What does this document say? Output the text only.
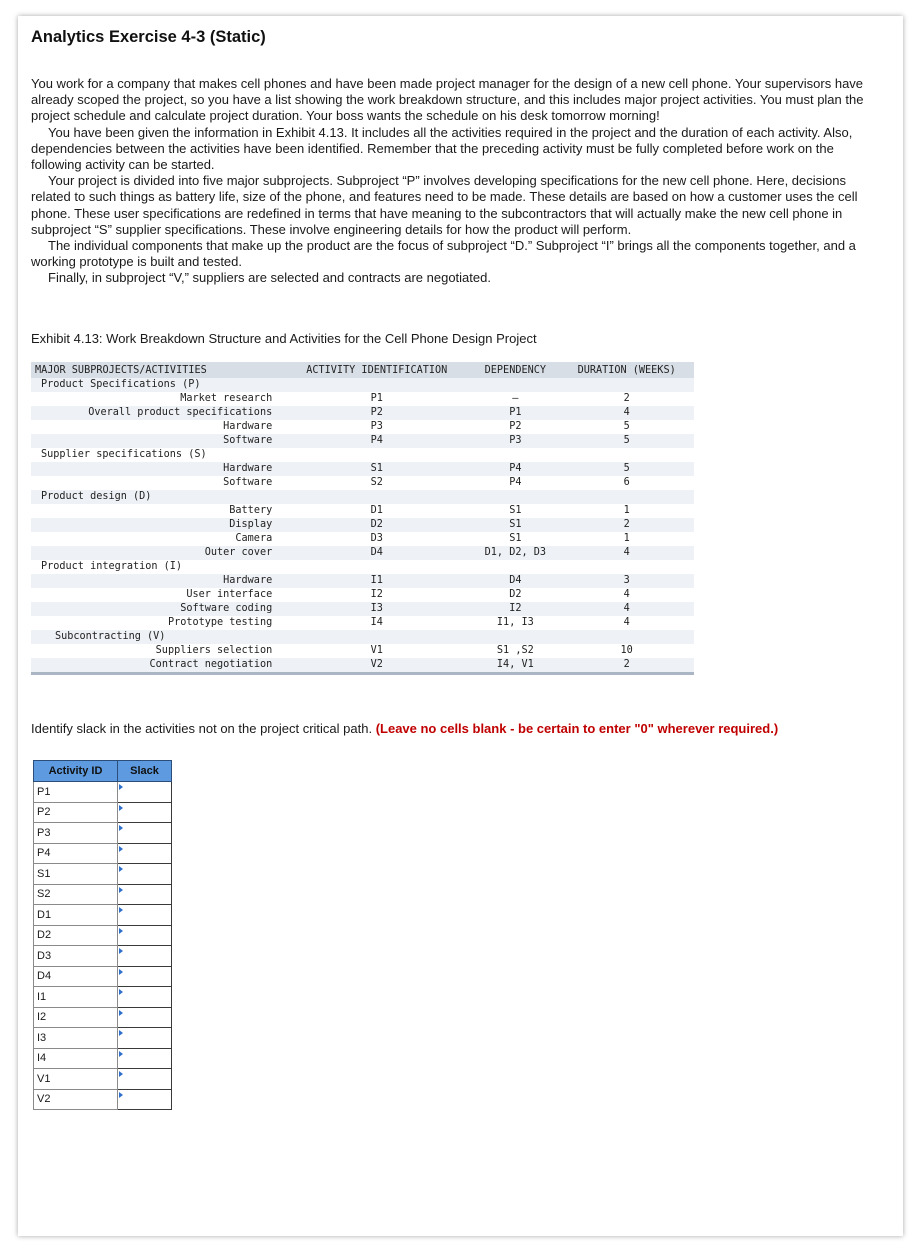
Analytics Exercise 4-3 (Static)

You work for a company that makes cell phones and have been made project manager for the design of a new cell phone. Your supervisors have already scoped the project, so you have a list showing the work breakdown structure, and this includes major project activities. You must plan the project schedule and calculate project duration. Your boss wants the schedule on his desk tomorrow morning!

You have been given the information in Exhibit 4.13. It includes all the activities required in the project and the duration of each activity. Also, dependencies between the activities have been identified. Remember that the preceding activity must be fully completed before work on the following activity can be started.

Your project is divided into five major subprojects. Subproject “P” involves developing specifications for the new cell phone. Here, decisions related to such things as battery life, size of the phone, and features need to be made. These details are based on how a customer uses the cell phone. These user specifications are redefined in terms that have meaning to the subcontractors that will actually make the new cell phone in subproject “S” supplier specifications. These involve engineering details for how the product will perform.

The individual components that make up the product are the focus of subproject “D.” Subproject “I” brings all the components together, and a working prototype is built and tested.

Finally, in subproject “V,” suppliers are selected and contracts are negotiated.

Exhibit 4.13: Work Breakdown Structure and Activities for the Cell Phone Design Project
MAJOR SUBPROJECTS/ACTIVITIES	ACTIVITY IDENTIFICATION	DEPENDENCY	DURATION (WEEKS)
Product Specifications (P)			
Market research	P1	—	2
Overall product specifications	P2	P1	4
Hardware	P3	P2	5
Software	P4	P3	5
Supplier specifications (S)			
Hardware	S1	P4	5
Software	S2	P4	6
Product design (D)			
Battery	D1	S1	1
Display	D2	S1	2
Camera	D3	S1	1
Outer cover	D4	D1, D2, D3	4
Product integration (I)			
Hardware	I1	D4	3
User interface	I2	D2	4
Software coding	I3	I2	4
Prototype testing	I4	I1, I3	4
Subcontracting (V)			
Suppliers selection	V1	S1 ,S2	10
Contract negotiation	V2	I4, V1	2
Identify slack in the activities not on the project critical path. (Leave no cells blank - be certain to enter "0" wherever required.)
Activity ID	Slack
P1	

P2	

P3	

P4	

S1	

S2	

D1	

D2	

D3	

D4	

I1	

I2	

I3	

I4	

V1	

V2	
